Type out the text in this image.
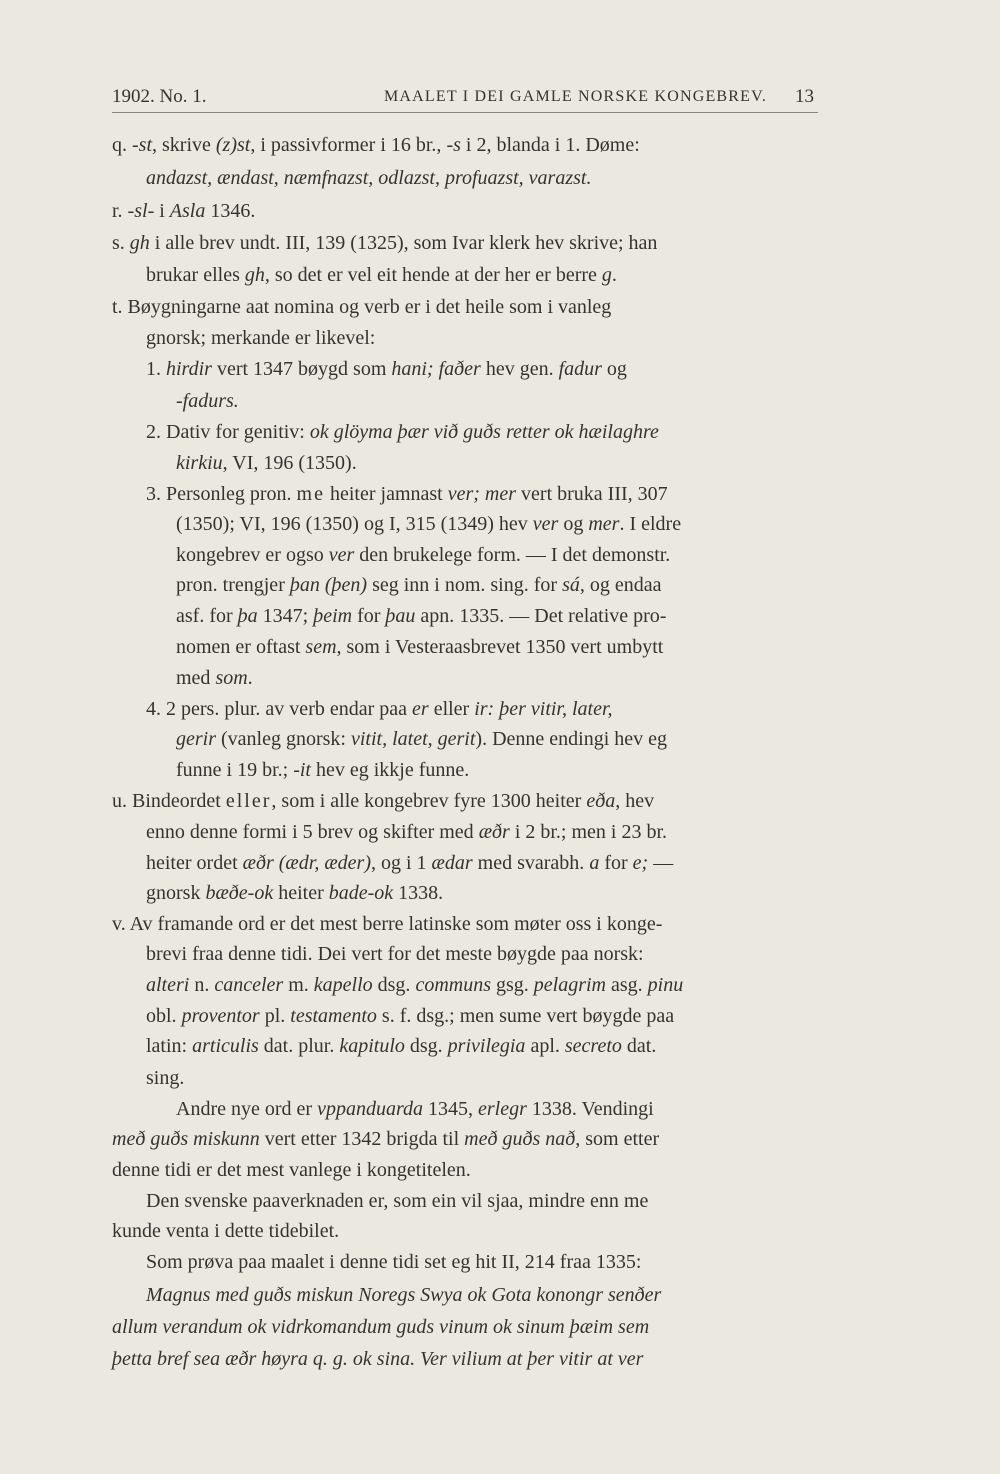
1902. No. 1.	MAALET I DEI GAMLE NORSKE KONGEBREV. 13
q. -st, skrive (z)st, i passivformer i 16 br., -s i 2, blanda i 1. Døme:
andazst, ændast, næmfnazst, odlazst, profuazst, varazst.
r. -sl- i Asla 1346.
s. gh i alle brev undt. III, 139 (1325), som Ivar klerk hev skrive; han
brukar elles gh, so det er vel eit hende at der her er berre g.
t. Bøygningarne aat nomina og verb er i det heile som i vanleg
gnorsk; merkande er likevel:
1. hirdir vert 1347 bøygd som hani; faðer hev gen. fadur og
-fadurs.
2. Dativ for genitiv: ok glöyma þær við guðs retter ok hæilaghre
kirkiu, VI, 196 (1350).
3. Personleg pron. me heiter jamnast ver; mer vert bruka III, 307
(1350); VI, 196 (1350) og I, 315 (1349) hev ver og mer. I eldre
kongebrev er ogso ver den brukelege form. — I det demonstr.
pron. trengjer þan (þen) seg inn i nom. sing. for sá, og endaa
asf. for þa 1347; þeim for þau apn. 1335. — Det relative pro-
nomen er oftast sem, som i Vesteraasbrevet 1350 vert umbytt
med som.
4. 2 pers. plur. av verb endar paa er eller ir: þer vitir, later,
gerir (vanleg gnorsk: vitit, latet, gerit). Denne endingi hev eg
funne i 19 br.; -it hev eg ikkje funne.
u. Bindeordet eller, som i alle kongebrev fyre 1300 heiter eða, hev
enno denne formi i 5 brev og skifter med æðr i 2 br.; men i 23 br.
heiter ordet æðr (ædr, æder), og i 1 ædar med svarabh. a for e; —
gnorsk bæðe-ok heiter bade-ok 1338.
v. Av framande ord er det mest berre latinske som møter oss i konge-
brevi fraa denne tidi. Dei vert for det meste bøygde paa norsk:
alteri n. canceler m. kapello dsg. communs gsg. pelagrim asg. pinu
obl. proventor pl. testamento s. f. dsg.; men sume vert bøygde paa
latin: articulis dat. plur. kapitulo dsg. privilegia apl. secreto dat.
sing.
Andre nye ord er vppanduarda 1345, erlegr 1338. Vendingi
með guðs miskunn vert etter 1342 brigda til með guðs nað, som etter
denne tidi er det mest vanlege i kongetitelen.
Den svenske paaverknaden er, som ein vil sjaa, mindre enn me
kunde venta i dette tidebilet.
Som prøva paa maalet i denne tidi set eg hit II, 214 fraa 1335:
Magnus med guðs miskun Noregs Swya ok Gota konongr senðer
allum verandum ok vidrkomandum guds vinum ok sinum þæim sem
þetta bref sea æðr høyra q. g. ok sina. Ver vilium at þer vitir at ver
